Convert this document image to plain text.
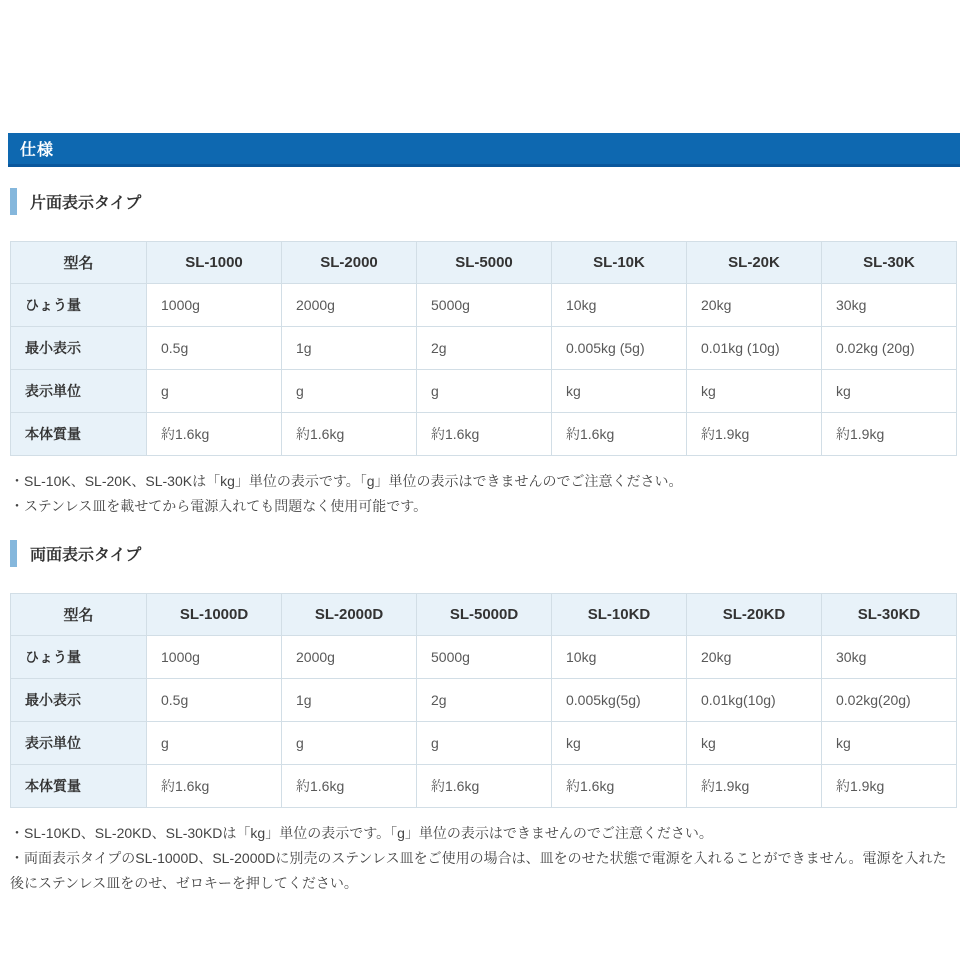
仕様
片面表示タイプ
型名	SL-1000	SL-2000	SL-5000	SL-10K	SL-20K	SL-30K
ひょう量	1000g	2000g	5000g	10kg	20kg	30kg
最小表示	0.5g	1g	2g	0.005kg (5g)	0.01kg (10g)	0.02kg (20g)
表示単位	g	g	g	kg	kg	kg
本体質量	約1.6kg	約1.6kg	約1.6kg	約1.6kg	約1.9kg	約1.9kg
・SL-10K、SL-20K、SL-30Kは「kg」単位の表示です。「g」単位の表示はできませんのでご注意ください。
・ステンレス皿を載せてから電源入れても問題なく使用可能です。
両面表示タイプ
型名	SL-1000D	SL-2000D	SL-5000D	SL-10KD	SL-20KD	SL-30KD
ひょう量	1000g	2000g	5000g	10kg	20kg	30kg
最小表示	0.5g	1g	2g	0.005kg(5g)	0.01kg(10g)	0.02kg(20g)
表示単位	g	g	g	kg	kg	kg
本体質量	約1.6kg	約1.6kg	約1.6kg	約1.6kg	約1.9kg	約1.9kg
・SL-10KD、SL-20KD、SL-30KDは「kg」単位の表示です。「g」単位の表示はできませんのでご注意ください。
・両面表示タイプのSL-1000D、SL-2000Dに別売のステンレス皿をご使用の場合は、皿をのせた状態で電源を入れることができません。電源を入れた後にステンレス皿をのせ、ゼロキーを押してください。
